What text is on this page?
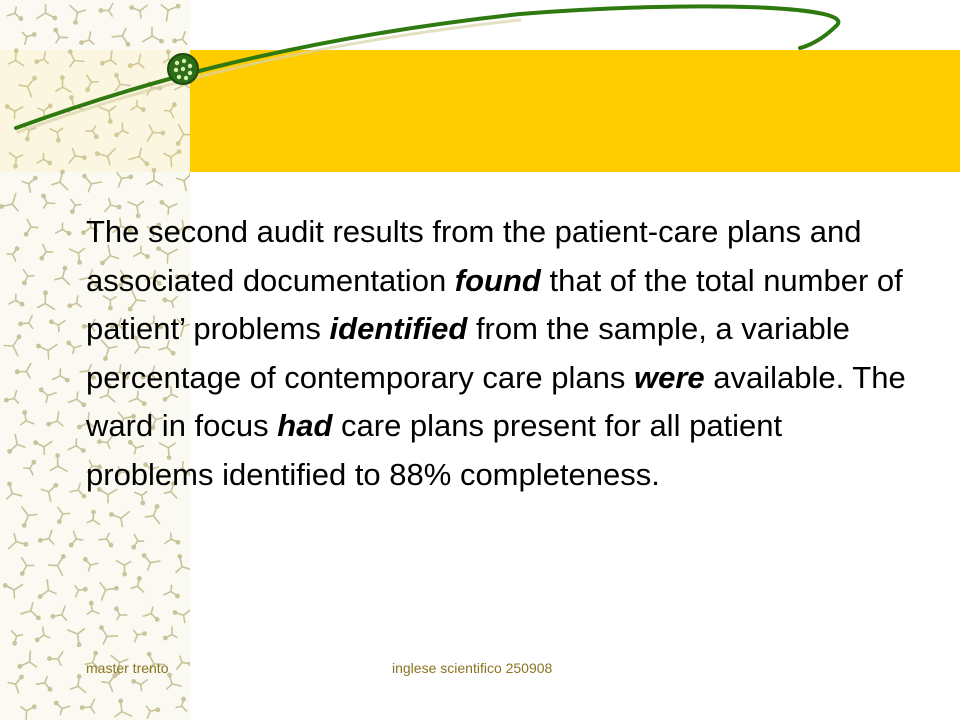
The second audit results from the patient-care plans and associated documentation found that of the total number of patient’ problems identified from the sample, a variable percentage of contemporary care plans were available. The ward in focus had care plans present for all patient problems identified to 88% completeness.

master trento	inglese scientifico 250908
